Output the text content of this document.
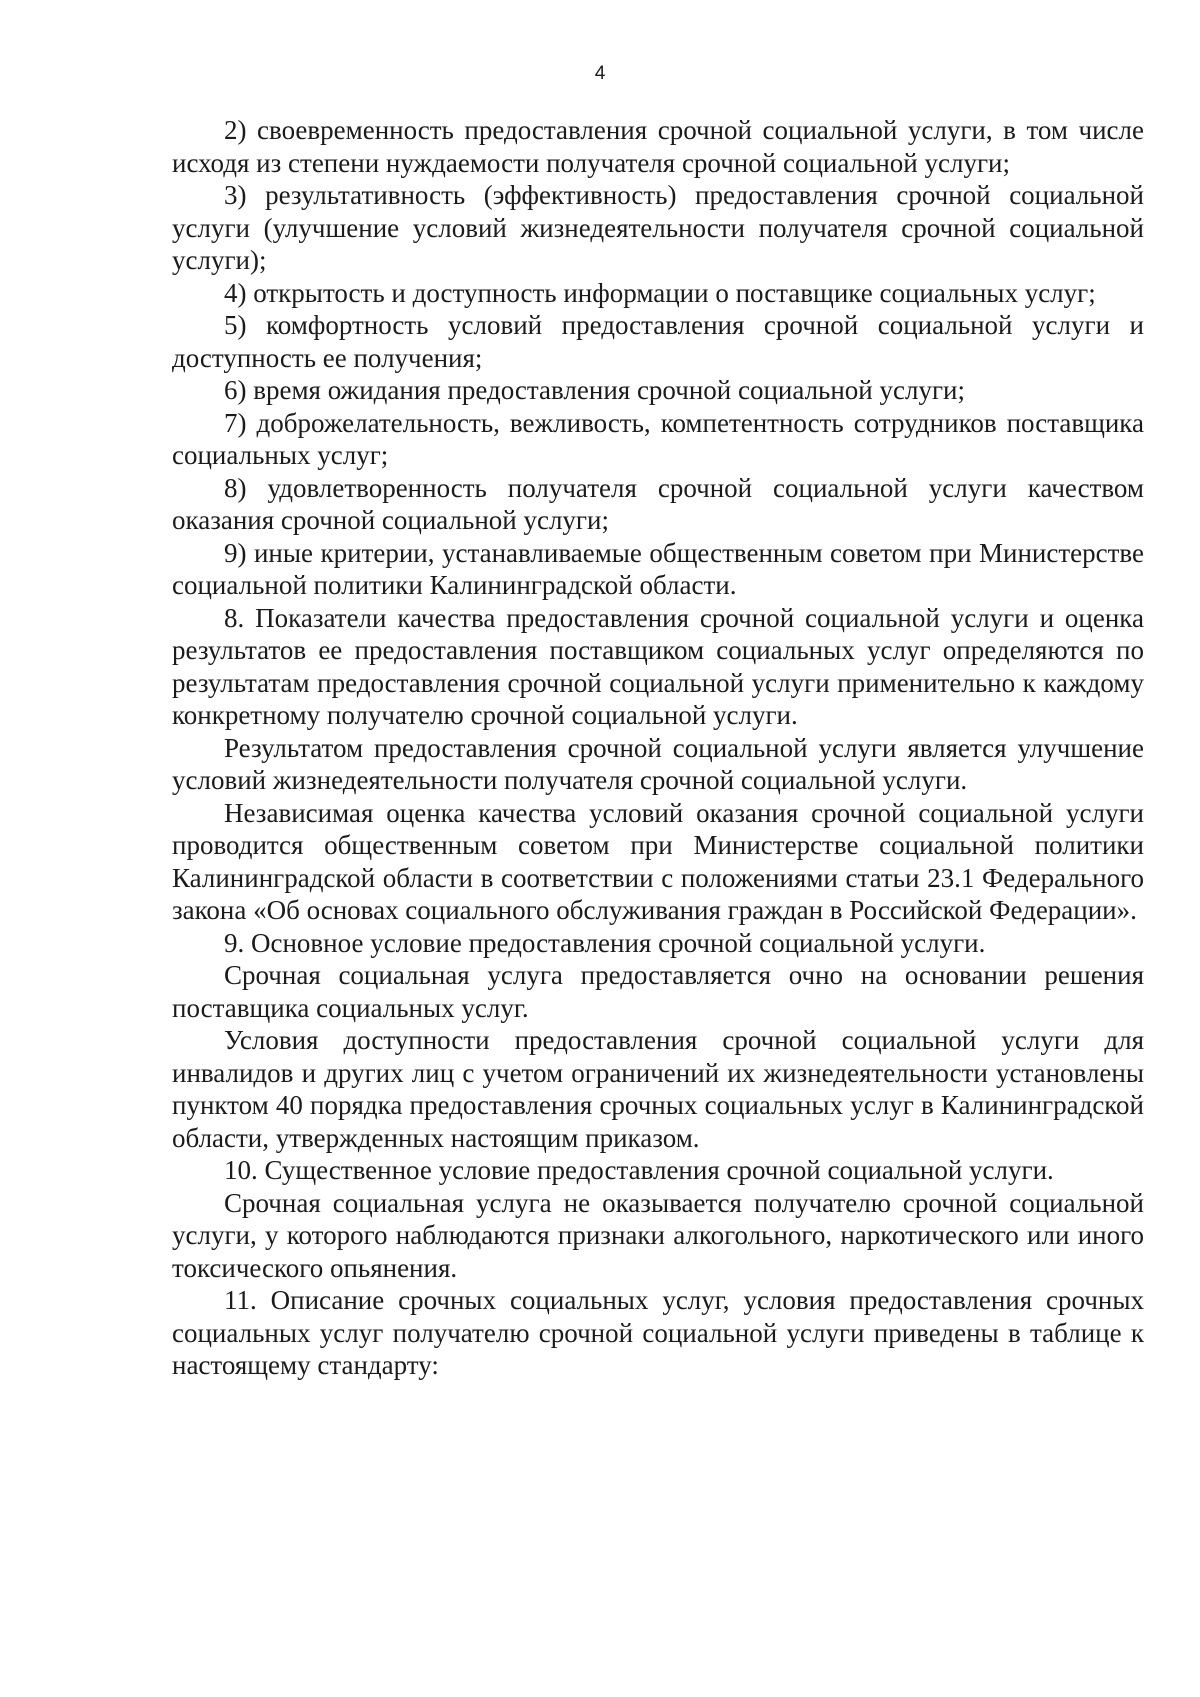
4

2) своевременность предоставления срочной социальной услуги, в том числе исходя из степени нуждаемости получателя срочной социальной услуги;

3) результативность (эффективность) предоставления срочной социальной услуги (улучшение условий жизнедеятельности получателя срочной социальной услуги);

4) открытость и доступность информации о поставщике социальных услуг;

5) комфортность условий предоставления срочной социальной услуги и доступность ее получения;

6) время ожидания предоставления срочной социальной услуги;

7) доброжелательность, вежливость, компетентность сотрудников поставщика социальных услуг;

8) удовлетворенность получателя срочной социальной услуги качеством оказания срочной социальной услуги;

9) иные критерии, устанавливаемые общественным советом при Министерстве социальной политики Калининградской области.

8. Показатели качества предоставления срочной социальной услуги и оценка результатов ее предоставления поставщиком социальных услуг определяются по результатам предоставления срочной социальной услуги применительно к каждому конкретному получателю срочной социальной услуги.

Результатом предоставления срочной социальной услуги является улучшение условий жизнедеятельности получателя срочной социальной услуги.

Независимая оценка качества условий оказания срочной социальной услуги проводится общественным советом при Министерстве социальной политики Калининградской области в соответствии с положениями статьи 23.1 Федерального закона «Об основах социального обслуживания граждан в Российской Федерации».

9. Основное условие предоставления срочной социальной услуги.

Срочная социальная услуга предоставляется очно на основании решения поставщика социальных услуг.

Условия доступности предоставления срочной социальной услуги для инвалидов и других лиц с учетом ограничений их жизнедеятельности установлены пунктом 40 порядка предоставления срочных социальных услуг в Калининградской области, утвержденных настоящим приказом.

10. Существенное условие предоставления срочной социальной услуги.

Срочная социальная услуга не оказывается получателю срочной социальной услуги, у которого наблюдаются признаки алкогольного, наркотического или иного токсического опьянения.

11. Описание срочных социальных услуг, условия предоставления срочных социальных услуг получателю срочной социальной услуги приведены в таблице к настоящему стандарту:
